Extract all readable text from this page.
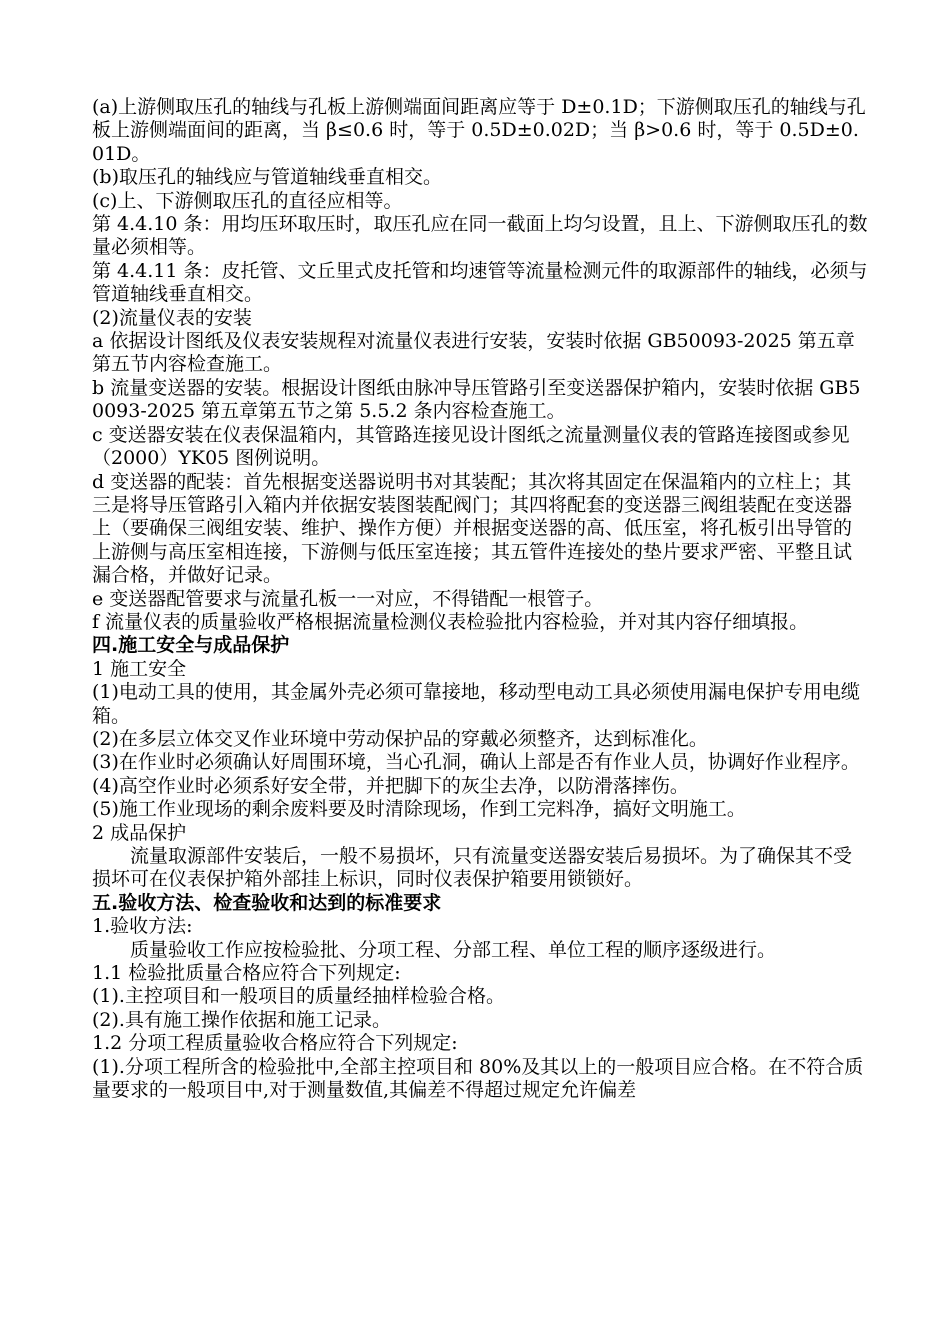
(a)上游侧取压孔的轴线与孔板上游侧端面间距离应等于 D±0.1D；下游侧取压孔的轴线与孔板上游侧端面间的距离，当 β≤0.6 时，等于 0.5D±0.02D；当 β>0.6 时，等于 0.5D±0.01D。

(b)取压孔的轴线应与管道轴线垂直相交。

(c)上、下游侧取压孔的直径应相等。

第 4.4.10 条：用均压环取压时，取压孔应在同一截面上均匀设置，且上、下游侧取压孔的数量必须相等。

第 4.4.11 条：皮托管、文丘里式皮托管和均速管等流量检测元件的取源部件的轴线，必须与管道轴线垂直相交。

(2)流量仪表的安装

a 依据设计图纸及仪表安装规程对流量仪表进行安装，安装时依据 GB50093-2025 第五章第五节内容检查施工。

b 流量变送器的安装。根据设计图纸由脉冲导压管路引至变送器保护箱内，安装时依据 GB50093-2025 第五章第五节之第 5.5.2 条内容检查施工。

c 变送器安装在仪表保温箱内，其管路连接见设计图纸之流量测量仪表的管路连接图或参见（2000）YK05 图例说明。

d 变送器的配装：首先根据变送器说明书对其装配；其次将其固定在保温箱内的立柱上；其三是将导压管路引入箱内并依据安装图装配阀门；其四将配套的变送器三阀组装配在变送器上（要确保三阀组安装、维护、操作方便）并根据变送器的高、低压室，将孔板引出导管的上游侧与高压室相连接，下游侧与低压室连接；其五管件连接处的垫片要求严密、平整且试漏合格，并做好记录。

e 变送器配管要求与流量孔板一一对应，不得错配一根管子。

f 流量仪表的质量验收严格根据流量检测仪表检验批内容检验，并对其内容仔细填报。

四.施工安全与成品保护

1 施工安全

(1)电动工具的使用，其金属外壳必须可靠接地，移动型电动工具必须使用漏电保护专用电缆箱。

(2)在多层立体交叉作业环境中劳动保护品的穿戴必须整齐，达到标准化。

(3)在作业时必须确认好周围环境，当心孔洞，确认上部是否有作业人员，协调好作业程序。

(4)高空作业时必须系好安全带，并把脚下的灰尘去净，以防滑落摔伤。

(5)施工作业现场的剩余废料要及时清除现场，作到工完料净，搞好文明施工。

2 成品保护

流量取源部件安装后，一般不易损坏，只有流量变送器安装后易损坏。为了确保其不受损坏可在仪表保护箱外部挂上标识，同时仪表保护箱要用锁锁好。

五.验收方法、检查验收和达到的标准要求

1.验收方法:

质量验收工作应按检验批、分项工程、分部工程、单位工程的顺序逐级进行。

1.1 检验批质量合格应符合下列规定:

(1).主控项目和一般项目的质量经抽样检验合格。

(2).具有施工操作依据和施工记录。

1.2 分项工程质量验收合格应符合下列规定:

(1).分项工程所含的检验批中,全部主控项目和 80%及其以上的一般项目应合格。在不符合质量要求的一般项目中,对于测量数值,其偏差不得超过规定允许偏差
